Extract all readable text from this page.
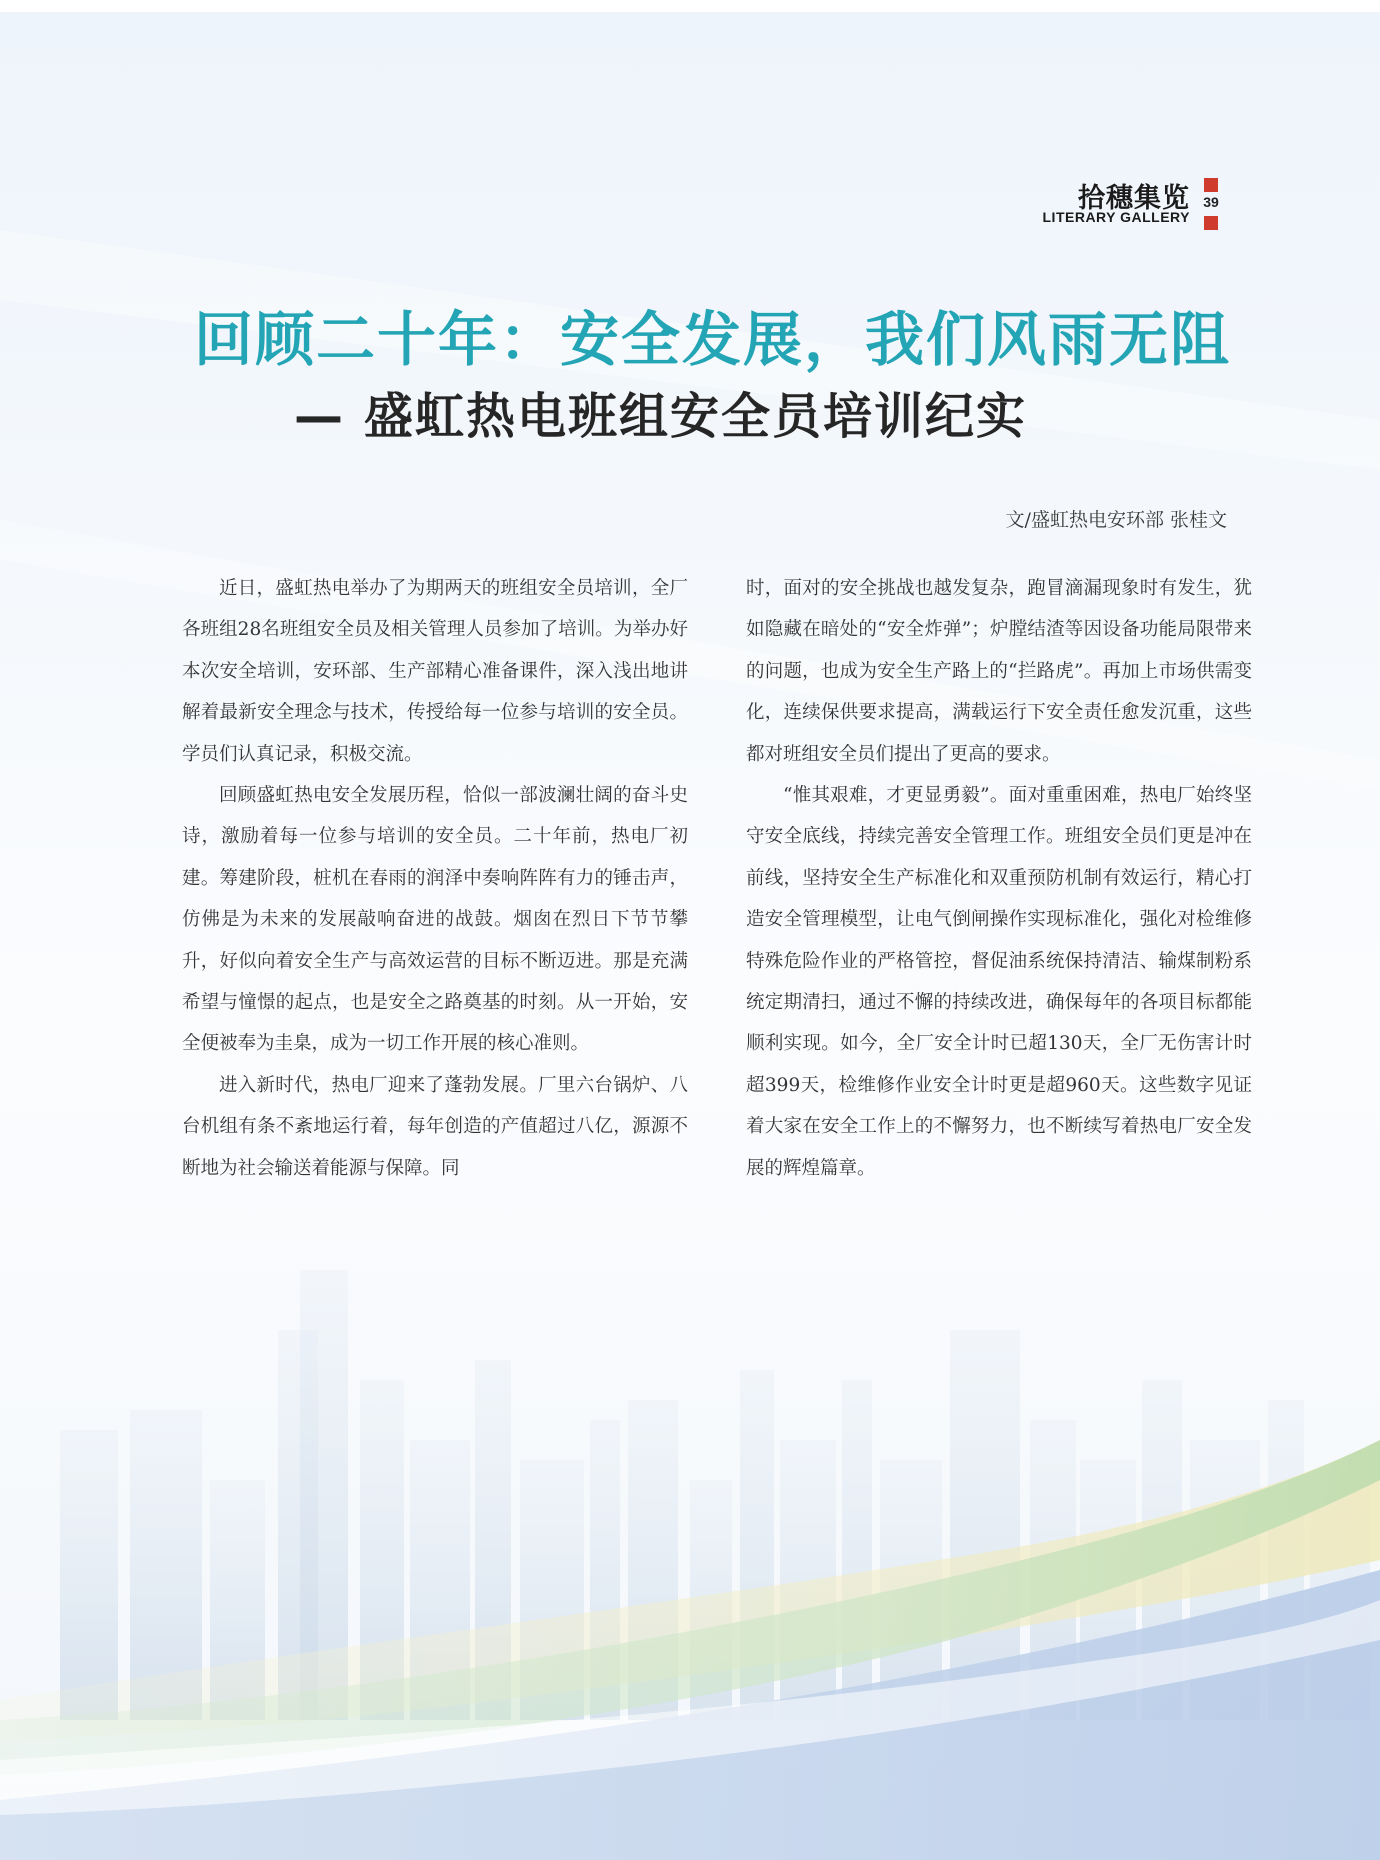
拾穗集览
LITERARY GALLERY
39
回顾二十年：安全发展，我们风雨无阻
— 盛虹热电班组安全员培训纪实
文/盛虹热电安环部 张桂文

近日，盛虹热电举办了为期两天的班组安全员培训，全厂各班组28名班组安全员及相关管理人员参加了培训。为举办好本次安全培训，安环部、生产部精心准备课件，深入浅出地讲解着最新安全理念与技术，传授给每一位参与培训的安全员。学员们认真记录，积极交流。

回顾盛虹热电安全发展历程，恰似一部波澜壮阔的奋斗史诗，激励着每一位参与培训的安全员。二十年前，热电厂初建。筹建阶段，桩机在春雨的润泽中奏响阵阵有力的锤击声，仿佛是为未来的发展敲响奋进的战鼓。烟囱在烈日下节节攀升，好似向着安全生产与高效运营的目标不断迈进。那是充满希望与憧憬的起点，也是安全之路奠基的时刻。从一开始，安全便被奉为圭臬，成为一切工作开展的核心准则。

进入新时代，热电厂迎来了蓬勃发展。厂里六台锅炉、八台机组有条不紊地运行着，每年创造的产值超过八亿，源源不断地为社会输送着能源与保障。同

时，面对的安全挑战也越发复杂，跑冒滴漏现象时有发生，犹如隐藏在暗处的“安全炸弹”；炉膛结渣等因设备功能局限带来的问题，也成为安全生产路上的“拦路虎”。再加上市场供需变化，连续保供要求提高，满载运行下安全责任愈发沉重，这些都对班组安全员们提出了更高的要求。

“惟其艰难，才更显勇毅”。面对重重困难，热电厂始终坚守安全底线，持续完善安全管理工作。班组安全员们更是冲在前线，坚持安全生产标准化和双重预防机制有效运行，精心打造安全管理模型，让电气倒闸操作实现标准化，强化对检维修特殊危险作业的严格管控，督促油系统保持清洁、输煤制粉系统定期清扫，通过不懈的持续改进，确保每年的各项目标都能顺利实现。如今，全厂安全计时已超130天，全厂无伤害计时超399天，检维修作业安全计时更是超960天。这些数字见证着大家在安全工作上的不懈努力，也不断续写着热电厂安全发展的辉煌篇章。
